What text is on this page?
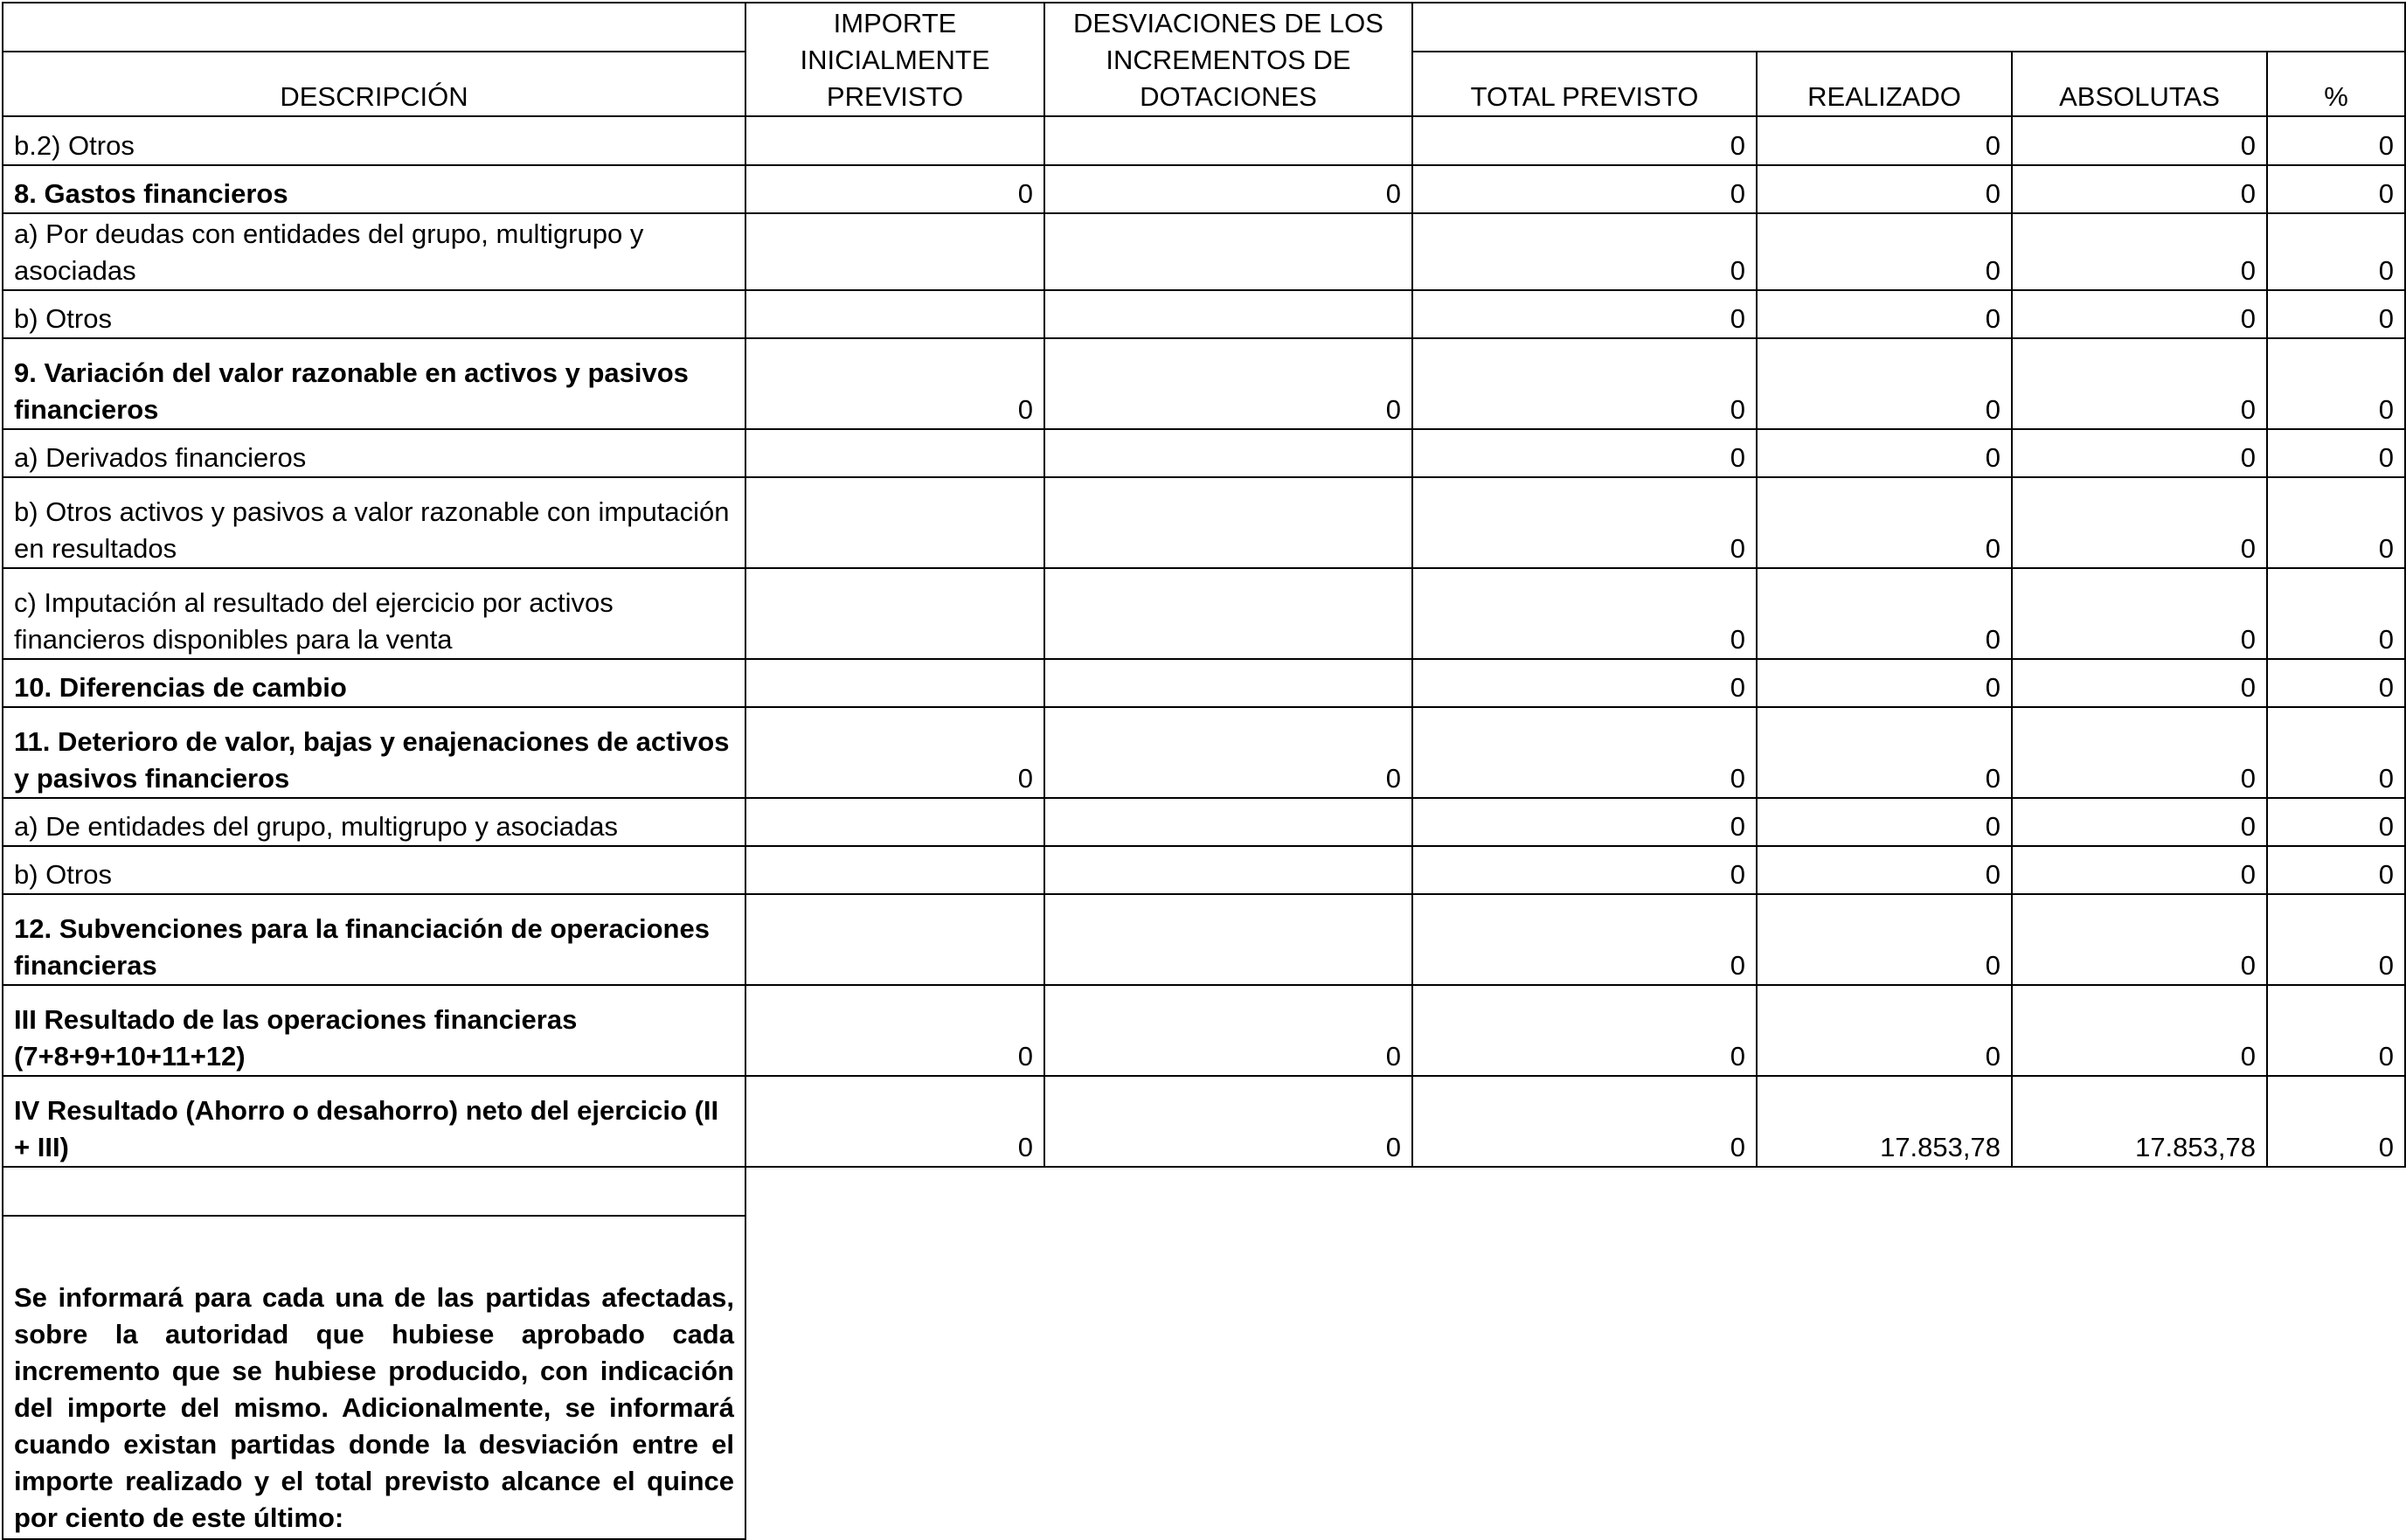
	IMPORTE INICIALMENTE PREVISTO	DESVIACIONES DE LOS INCREMENTOS DE DOTACIONES				
DESCRIPCIÓN			TOTAL PREVISTO	REALIZADO	ABSOLUTAS	%
b.2) Otros			0	0	0	0
8. Gastos financieros	0	0	0	0	0	0
a) Por deudas con entidades del grupo, multigrupo y asociadas			0	0	0	0
b) Otros			0	0	0	0
9. Variación del valor razonable en activos y pasivos financieros	0	0	0	0	0	0
a) Derivados financieros			0	0	0	0
b) Otros activos y pasivos a valor razonable con imputación en resultados			0	0	0	0
c) Imputación al resultado del ejercicio por activos financieros disponibles para la venta			0	0	0	0
10. Diferencias de cambio			0	0	0	0
11. Deterioro de valor, bajas y enajenaciones de activos y pasivos financieros	0	0	0	0	0	0
a) De entidades del grupo, multigrupo y asociadas			0	0	0	0
b) Otros			0	0	0	0
12. Subvenciones para la financiación de operaciones financieras			0	0	0	0
III Resultado de las operaciones financieras (7+8+9+10+11+12)	0	0	0	0	0	0
IV Resultado (Ahorro o desahorro) neto del ejercicio (II + III)	0	0	0	17.853,78	17.853,78	0

Se informará para cada una de las partidas afectadas, sobre la autoridad que hubiese aprobado cada incremento que se hubiese producido, con indicación del importe del mismo. Adicionalmente, se informará cuando existan partidas donde la desviación entre el importe realizado y el total previsto alcance el quince por ciento de este último:						
